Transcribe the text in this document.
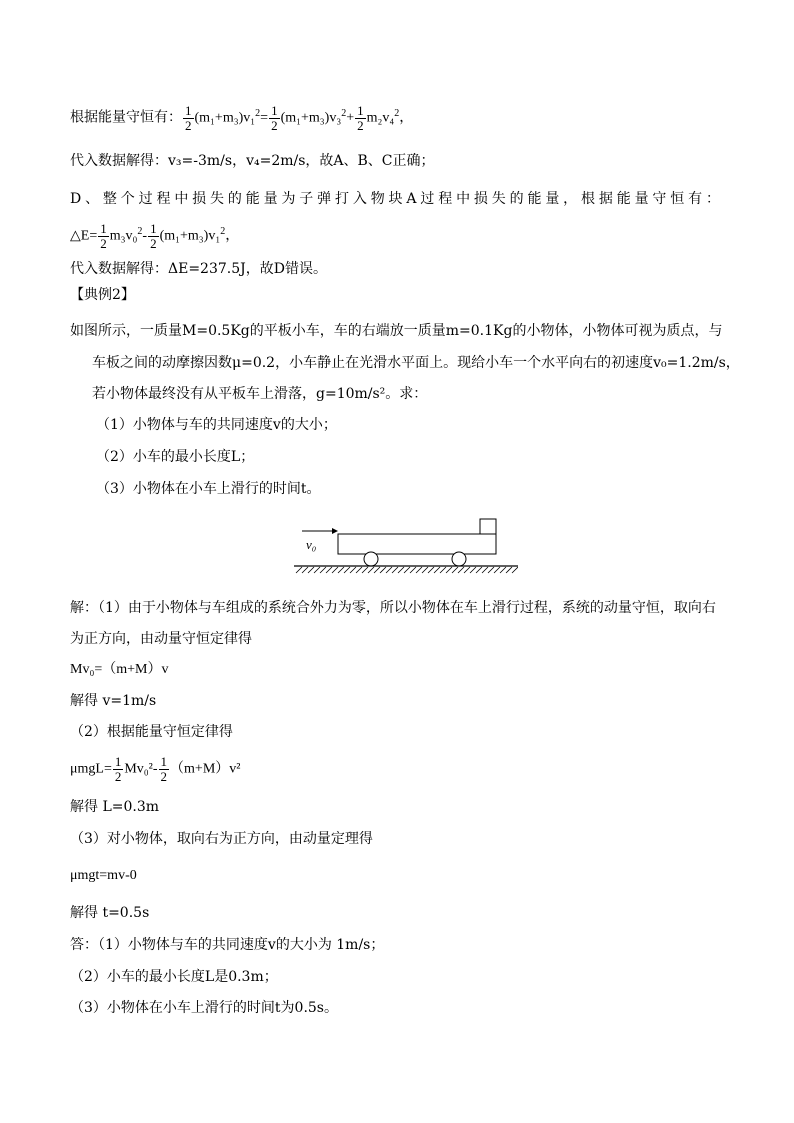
根据能量守恒有： $\frac{1}{2} (m_1+m_3)v_1^2= \frac{1}{2} (m_1+m_3)v_3^2+ \frac{1}{2} m_2v_4^2$，
代入数据解得：v₃=-3m/s，v₄=2m/s，故A、B、C正确；
D、整个过程中损失的能量为子弹打入物块A过程中损失的能量，根据能量守恒有：
△E= $\frac{1}{2} m_3v_0^2- \frac{1}{2} (m_1+m_3)v_1^2$，
代入数据解得：ΔE=237.5J，故D错误。
【典例2】
如图所示，一质量M=0.5Kg的平板小车，车的右端放一质量m=0.1Kg的小物体，小物体可视为质点，与
车板之间的动摩擦因数μ=0.2，小车静止在光滑水平面上。现给小车一个水平向右的初速度v₀=1.2m/s，
若小物体最终没有从平板车上滑落，g=10m/s²。求：
（1）小物体与车的共同速度v的大小；
（2）小车的最小长度L；
（3）小物体在小车上滑行的时间t。
v₀
解：（1）由于小物体与车组成的系统合外力为零，所以小物体在车上滑行过程，系统的动量守恒，取向右
为正方向，由动量守恒定律得
Mv₀=（m+M）v
解得 v=1m/s
（2）根据能量守恒定律得
$\mu mgL= \frac{1}{2} Mv_0^2- \frac{1}{2} (m+M)v^2$
解得 L=0.3m
（3）对小物体，取向右为正方向，由动量定理得
μmgt=mv-0
解得 t=0.5s
答：（1）小物体与车的共同速度v的大小为 1m/s；
（2）小车的最小长度L是0.3m；
（3）小物体在小车上滑行的时间t为0.5s。
